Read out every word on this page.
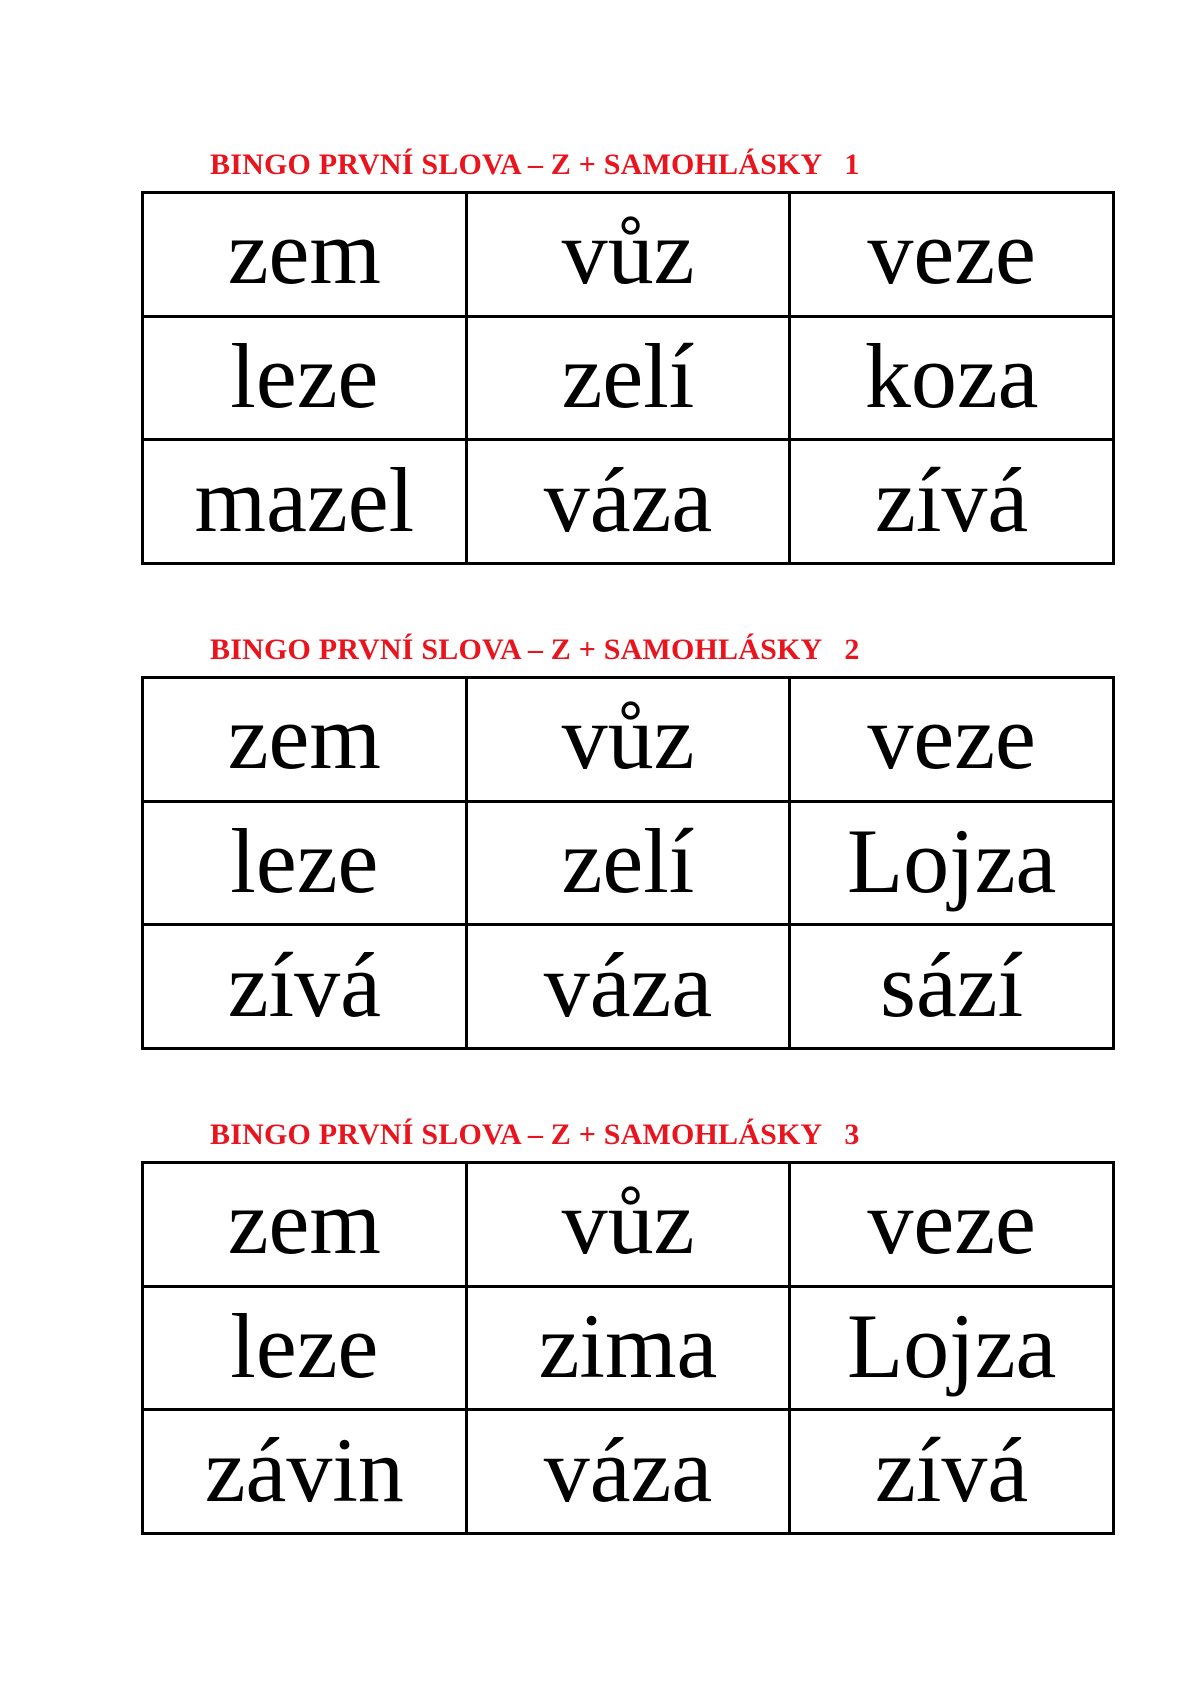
BINGO PRVNÍ SLOVA – Z + SAMOHLÁSKY   1
zem	vůz	veze
leze	zelí	koza
mazel	váza	zívá
BINGO PRVNÍ SLOVA – Z + SAMOHLÁSKY   2
zem	vůz	veze
leze	zelí	Lojza
zívá	váza	sází
BINGO PRVNÍ SLOVA – Z + SAMOHLÁSKY   3
zem	vůz	veze
leze	zima	Lojza
závin	váza	zívá
